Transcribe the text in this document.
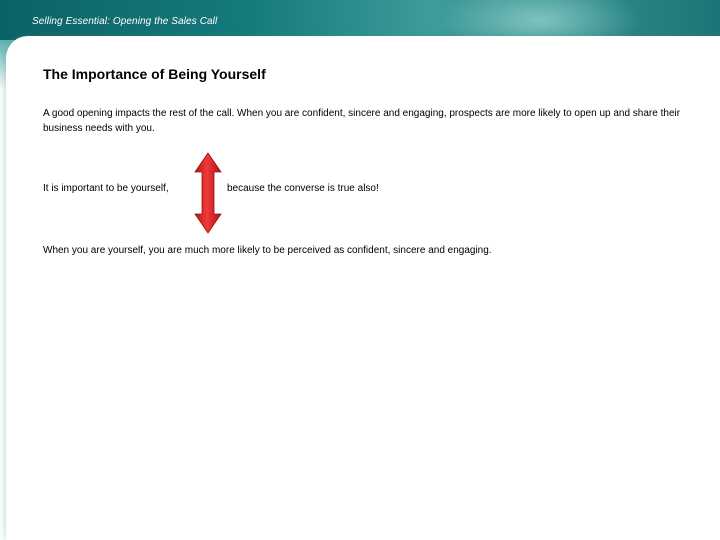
Selling Essential: Opening the Sales Call
The Importance of Being Yourself
A good opening impacts the rest of the call. When you are confident, sincere and engaging, prospects are more likely to open up and share their business needs with you.
It is important to be yourself,	because the converse is true also!
When you are yourself, you are much more likely to be perceived as confident, sincere and engaging.
